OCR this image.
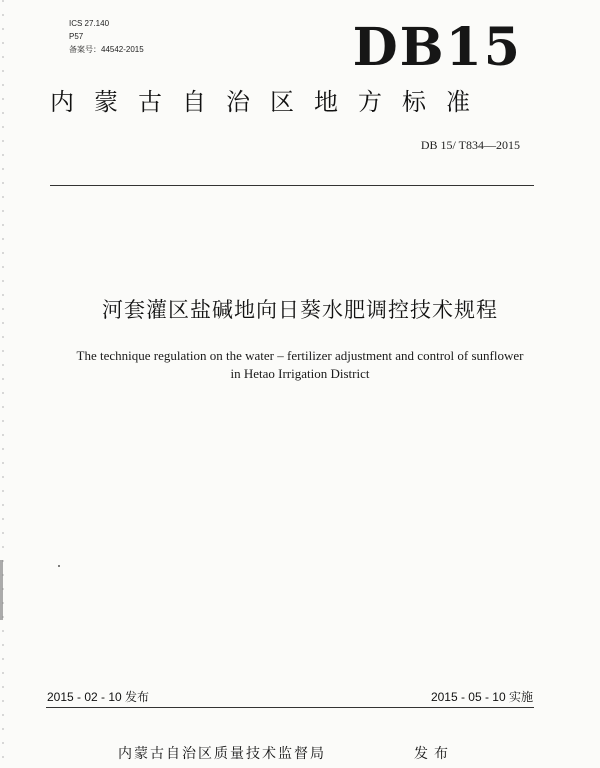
ICS 27.140
P57
备案号：44542-2015	DB15
内蒙古自治区地方标准
DB 15/ T834—2015
河套灌区盐碱地向日葵水肥调控技术规程
The technique regulation on the water – fertilizer adjustment and control of sunflower
in Hetao Irrigation District
2015 - 02 - 10 发布	2015 - 05 - 10 实施
内蒙古自治区质量技术监督局	发布
